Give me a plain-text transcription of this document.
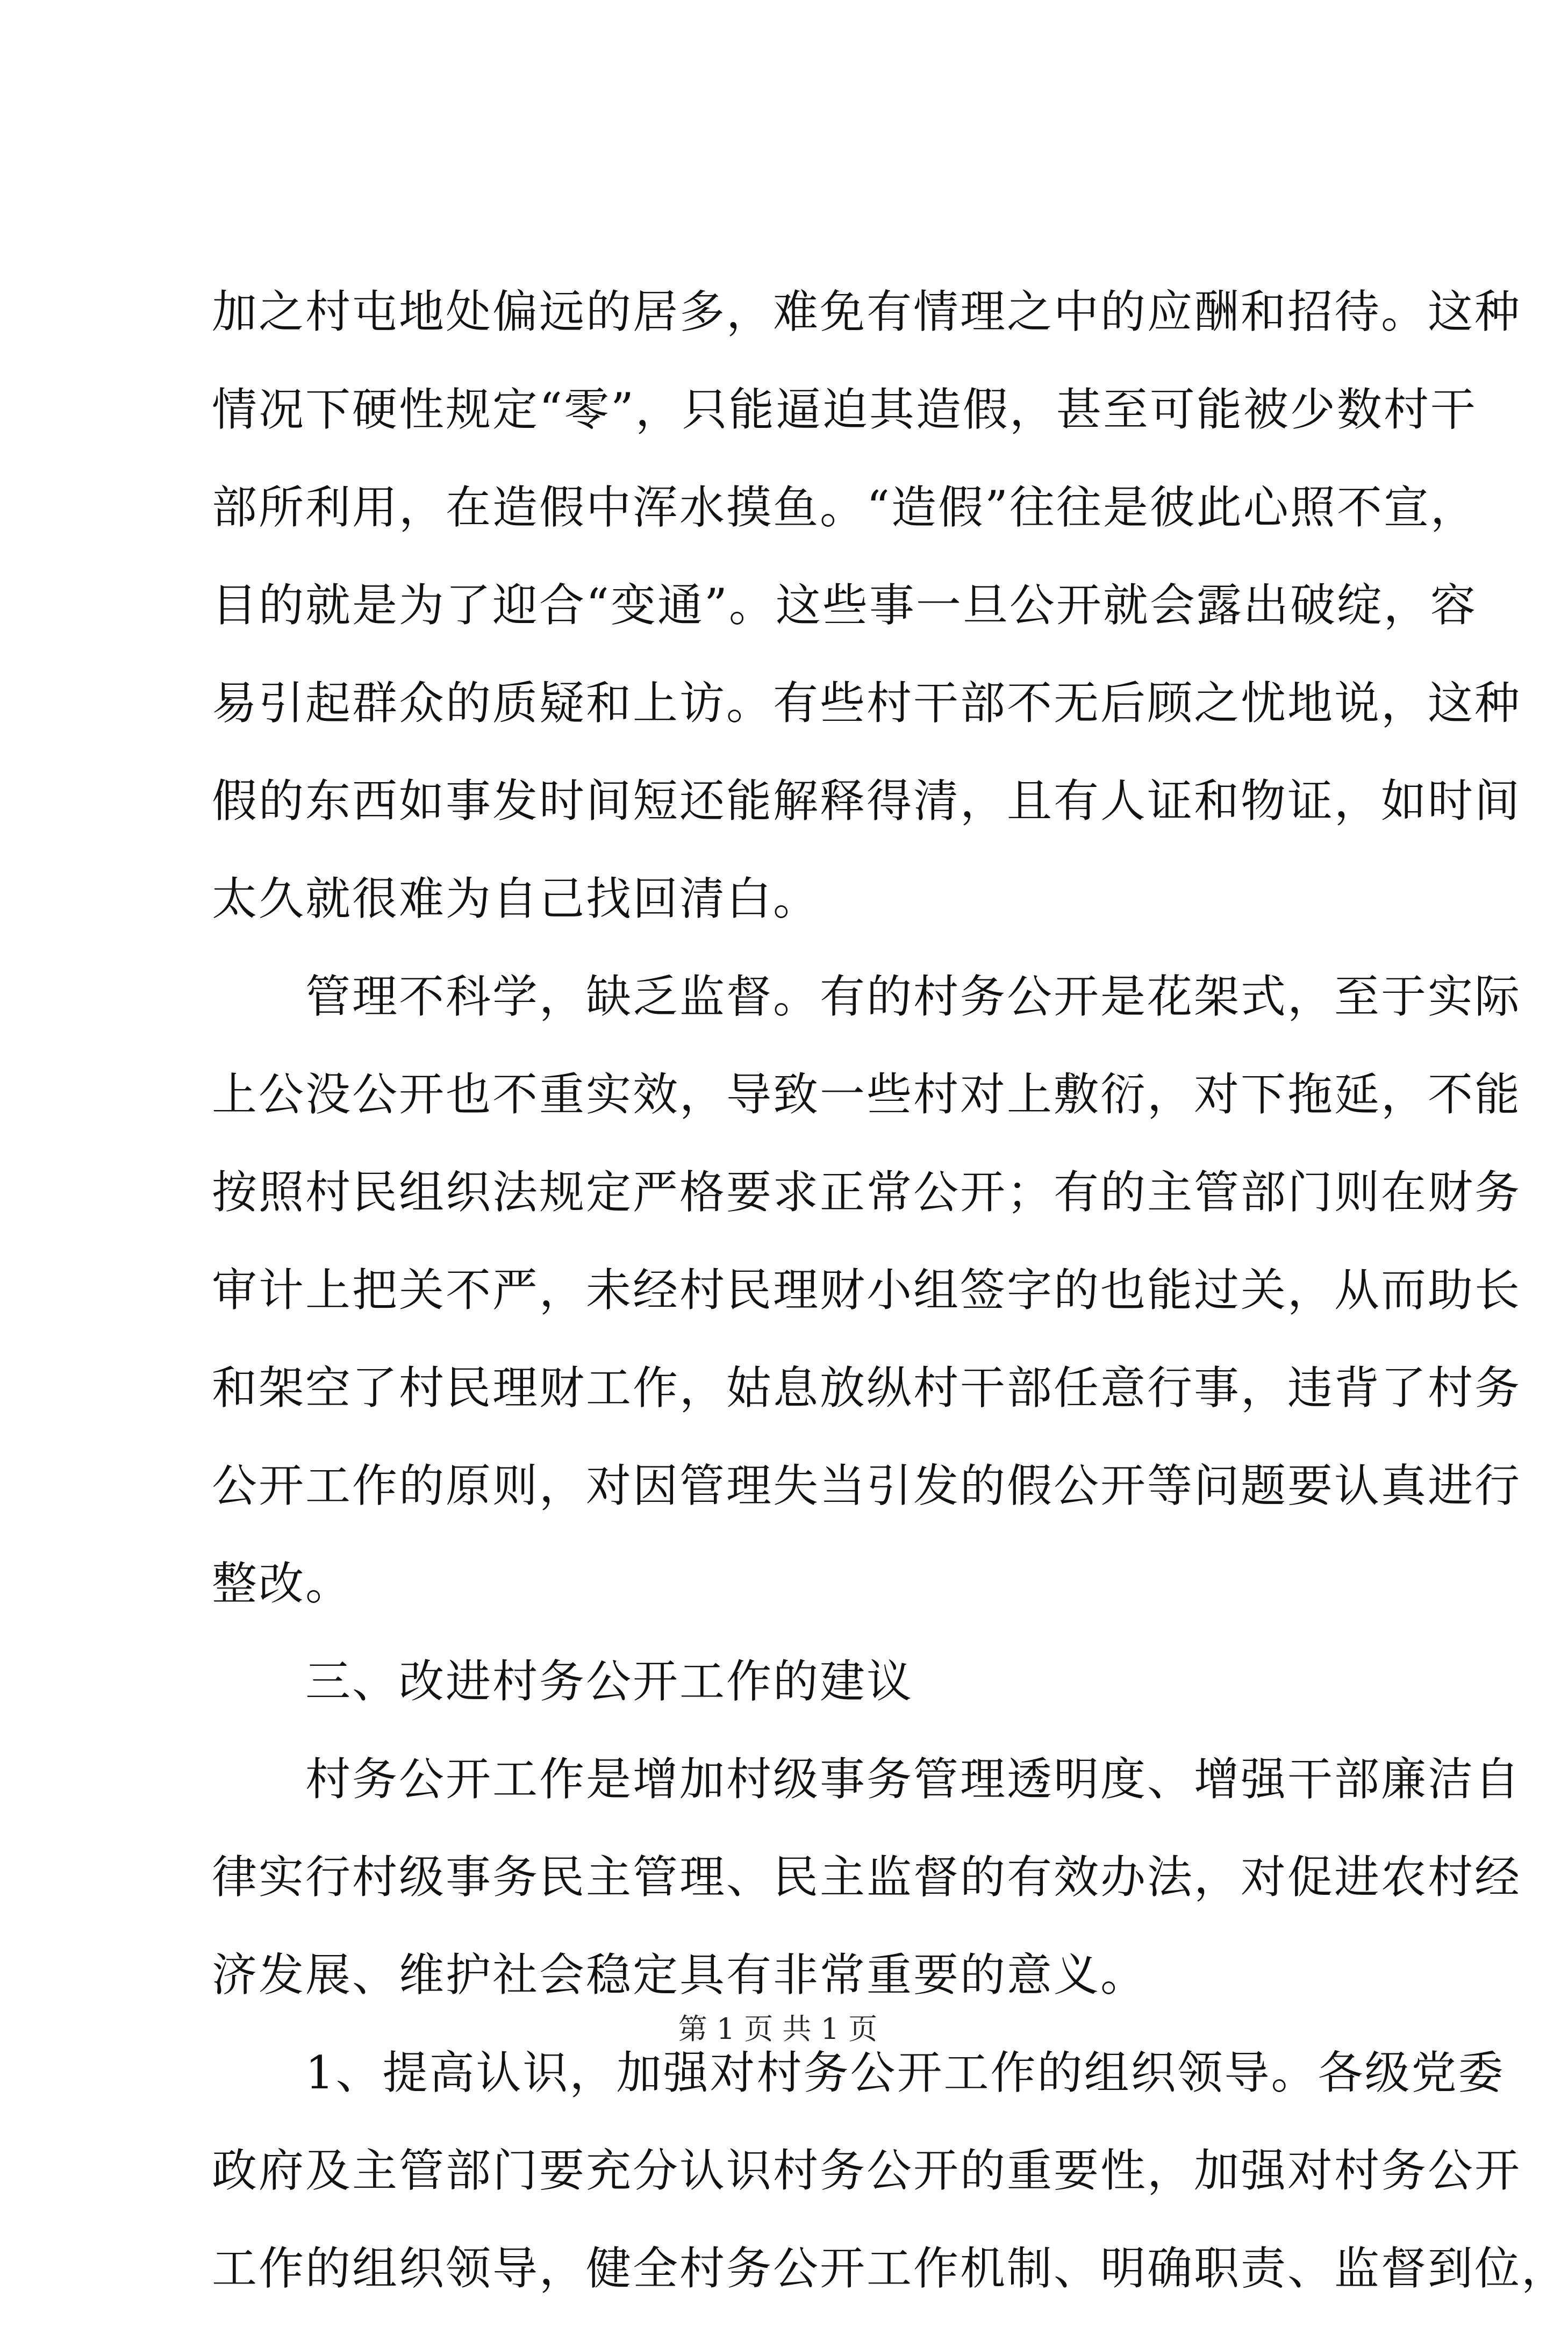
加之村屯地处偏远的居多，难免有情理之中的应酬和招待。这种
情况下硬性规定“零”，只能逼迫其造假，甚至可能被少数村干
部所利用，在造假中浑水摸鱼。“造假”往往是彼此心照不宣，
目的就是为了迎合“变通”。这些事一旦公开就会露出破绽，容
易引起群众的质疑和上访。有些村干部不无后顾之忧地说，这种
假的东西如事发时间短还能解释得清，且有人证和物证，如时间
太久就很难为自己找回清白。
　　管理不科学，缺乏监督。有的村务公开是花架式，至于实际
上公没公开也不重实效，导致一些村对上敷衍，对下拖延，不能
按照村民组织法规定严格要求正常公开；有的主管部门则在财务
审计上把关不严，未经村民理财小组签字的也能过关，从而助长
和架空了村民理财工作，姑息放纵村干部任意行事，违背了村务
公开工作的原则，对因管理失当引发的假公开等问题要认真进行
整改。
　　三、改进村务公开工作的建议
　　村务公开工作是增加村级事务管理透明度、增强干部廉洁自
律实行村级事务民主管理、民主监督的有效办法，对促进农村经
济发展、维护社会稳定具有非常重要的意义。
　　1、提高认识，加强对村务公开工作的组织领导。各级党委
政府及主管部门要充分认识村务公开的重要性，加强对村务公开
工作的组织领导，健全村务公开工作机制、明确职责、监督到位，
第 1 页 共 1 页
